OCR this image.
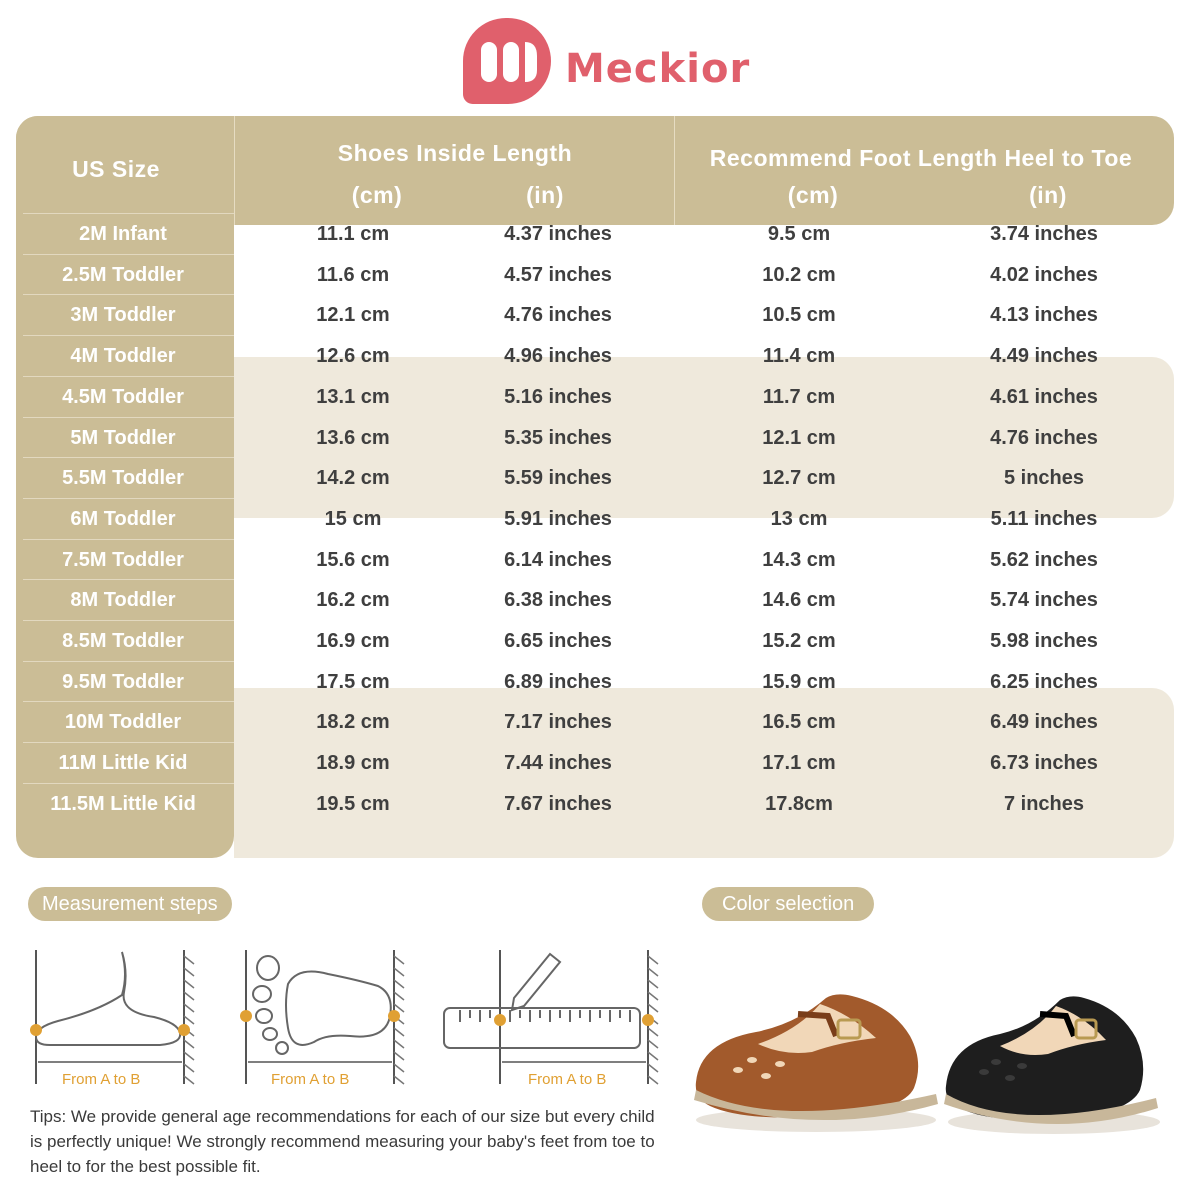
Meckior
US Size
Shoes Inside Length	Recommend Foot Length Heel to Toe
(cm)	(in)	(cm)	(in)
2M Infant	11.1 cm	4.37 inches	9.5 cm	3.74 inches
2.5M Toddler	11.6 cm	4.57 inches	10.2 cm	4.02 inches
3M Toddler	12.1 cm	4.76 inches	10.5 cm	4.13 inches
4M Toddler	12.6 cm	4.96 inches	11.4 cm	4.49 inches
4.5M Toddler	13.1 cm	5.16 inches	11.7 cm	4.61 inches
5M Toddler	13.6 cm	5.35 inches	12.1 cm	4.76 inches
5.5M Toddler	14.2 cm	5.59 inches	12.7 cm	5 inches
6M Toddler	15 cm	5.91 inches	13 cm	5.11 inches
7.5M Toddler	15.6 cm	6.14 inches	14.3 cm	5.62 inches
8M Toddler	16.2 cm	6.38 inches	14.6 cm	5.74 inches
8.5M Toddler	16.9 cm	6.65 inches	15.2 cm	5.98 inches
9.5M Toddler	17.5 cm	6.89 inches	15.9 cm	6.25 inches
10M Toddler	18.2 cm	7.17 inches	16.5 cm	6.49 inches
11M Little Kid	18.9 cm	7.44 inches	17.1 cm	6.73 inches
11.5M Little Kid	19.5 cm	7.67 inches	17.8cm	7 inches
Measurement steps
From A to B	From A to B	From A to B
Tips: We provide general age recommendations for each of our size but every child is perfectly unique! We strongly recommend measuring your baby's feet from toe to heel to for the best possible fit.
Color selection
